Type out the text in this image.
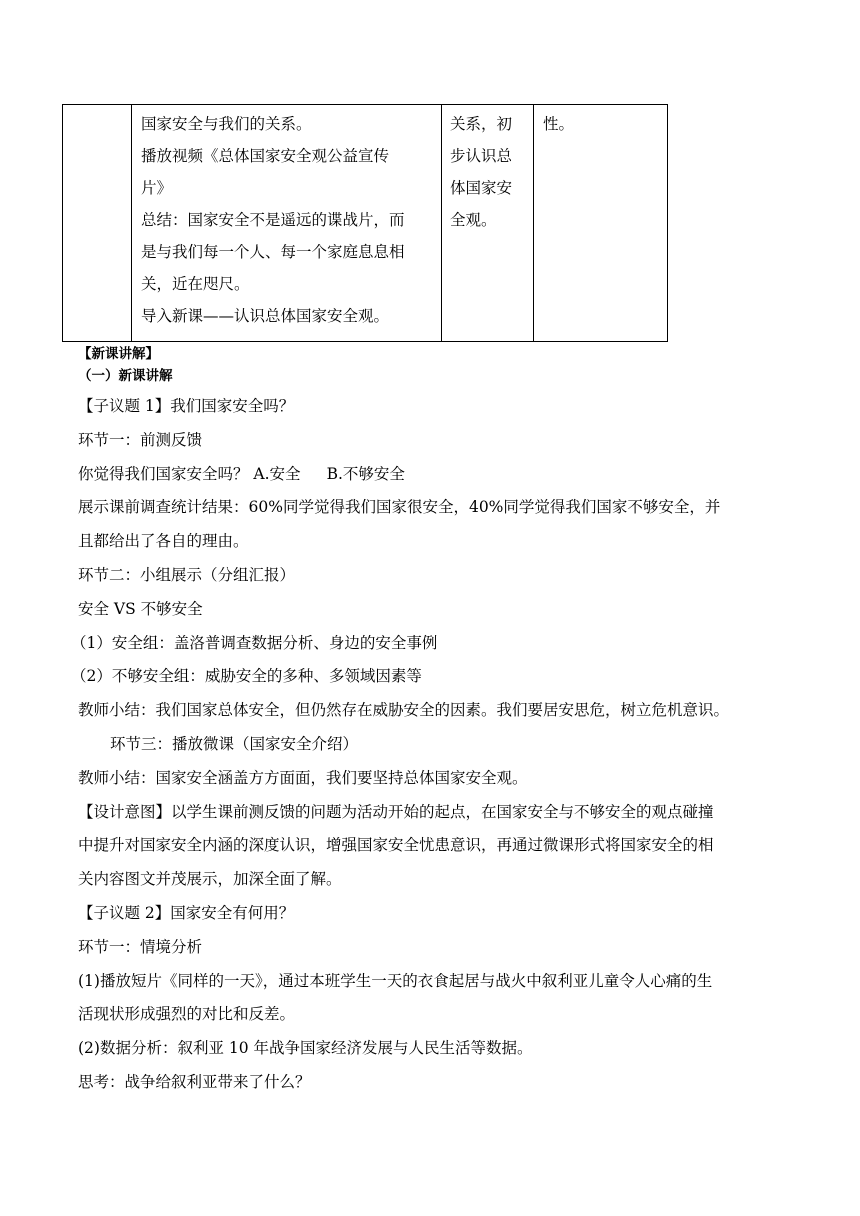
国家安全与我们的关系。
播放视频《总体国家安全观公益宣传
片》
总结：国家安全不是遥远的谍战片，而
是与我们每一个人、每一个家庭息息相
关，近在咫尺。
导入新课——认识总体国家安全观。

关系，初
步认识总
体国家安
全观。

性。
【新课讲解】
（一）新课讲解
【子议题 1】我们国家安全吗？
环节一：前测反馈
你觉得我们国家安全吗？ A.安全 B.不够安全
展示课前调查统计结果：60%同学觉得我们国家很安全，40%同学觉得我们国家不够安全，并
且都给出了各自的理由。
环节二：小组展示（分组汇报）
安全 VS 不够安全
（1）安全组：盖洛普调查数据分析、身边的安全事例
（2）不够安全组：威胁安全的多种、多领域因素等
教师小结：我们国家总体安全，但仍然存在威胁安全的因素。我们要居安思危，树立危机意识。
环节三：播放微课（国家安全介绍）
教师小结：国家安全涵盖方方面面，我们要坚持总体国家安全观。
【设计意图】以学生课前测反馈的问题为活动开始的起点，在国家安全与不够安全的观点碰撞
中提升对国家安全内涵的深度认识，增强国家安全忧患意识，再通过微课形式将国家安全的相
关内容图文并茂展示，加深全面了解。
【子议题 2】国家安全有何用？
环节一：情境分析
(1)播放短片《同样的一天》，通过本班学生一天的衣食起居与战火中叙利亚儿童令人心痛的生
活现状形成强烈的对比和反差。
(2)数据分析：叙利亚 10 年战争国家经济发展与人民生活等数据。
思考：战争给叙利亚带来了什么？
